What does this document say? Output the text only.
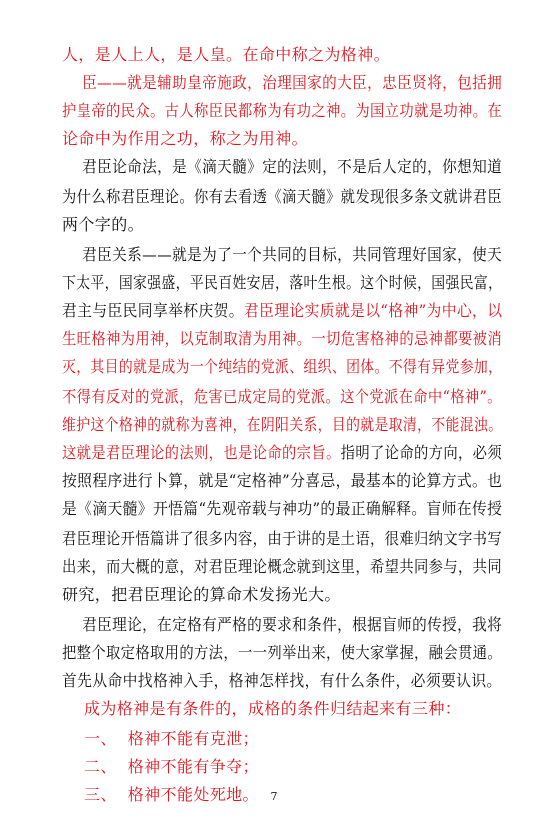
人，是人上人，是人皇。在命中称之为格神。
臣——就是辅助皇帝施政，治理国家的大臣，忠臣贤将，包括拥
护皇帝的民众。古人称臣民都称为有功之神。为国立功就是功神。在
论命中为作用之功，称之为用神。
君臣论命法，是《滴天髓》定的法则，不是后人定的，你想知道
为什么称君臣理论。你有去看透《滴天髓》就发现很多条文就讲君臣
两个字的。
君臣关系——就是为了一个共同的目标，共同管理好国家，使天
下太平，国家强盛，平民百姓安居，落叶生根。这个时候，国强民富，
君主与臣民同享举杯庆贺。君臣理论实质就是以“格神”为中心，以
生旺格神为用神，以克制取清为用神。一切危害格神的忌神都要被消
灭，其目的就是成为一个纯结的党派、组织、团体。不得有异党参加，
不得有反对的党派，危害已成定局的党派。这个党派在命中“格神”。
维护这个格神的就称为喜神，在阴阳关系，目的就是取清，不能混浊。
这就是君臣理论的法则，也是论命的宗旨。指明了论命的方向，必须
按照程序进行卜算，就是“定格神”分喜忌，最基本的论算方式。也
是《滴天髓》开悟篇“先观帝载与神功”的最正确解释。盲师在传授
君臣理论开悟篇讲了很多内容，由于讲的是土语，很难归纳文字书写
出来，而大概的意，对君臣理论概念就到这里，希望共同参与，共同
研究，把君臣理论的算命术发扬光大。
君臣理论，在定格有严格的要求和条件，根据盲师的传授，我将
把整个取定格取用的方法，一一列举出来，使大家掌握，融会贯通。
首先从命中找格神入手，格神怎样找，有什么条件，必须要认识。
成为格神是有条件的，成格的条件归结起来有三种：
一、  格神不能有克泄；
二、  格神不能有争夺；
三、  格神不能处死地。	7
